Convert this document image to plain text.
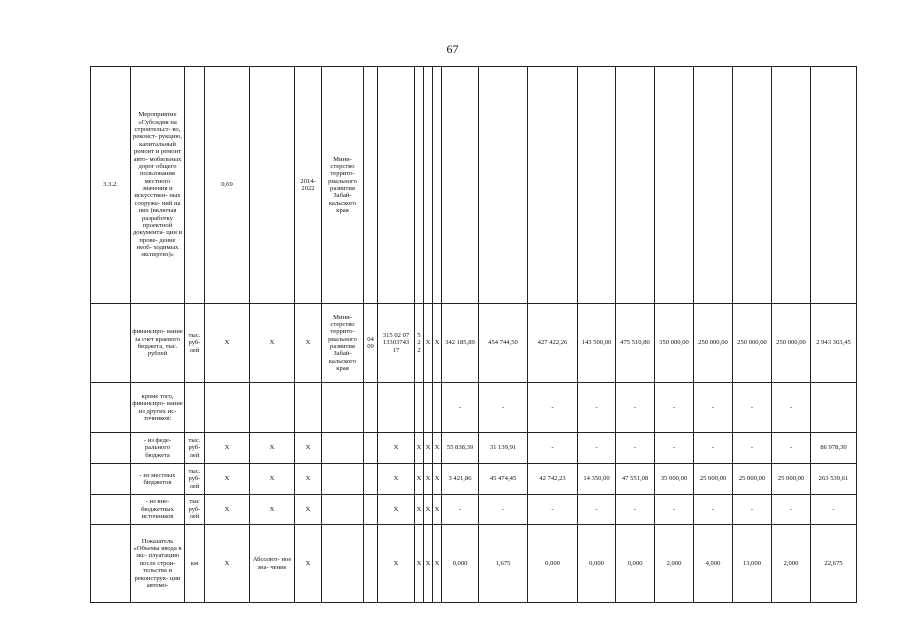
67
3.3.2.	Мероприятие «Субсидия на строительст- во, реконст- рукцию, капитальный ремонт и ремонт авто- мобильных дорог общего пользования местного значения и искусствен- ных сооруже- ний на них (включая разработку проектной документа- ции и прове- дение необ- ходимых экспертиз)»		0,69		2014- 2022	Мини- стерство террито- риального развития Забай- кальского края															
	финансиро- вание за счет краевого бюджета, тыс. рублей	тыс. руб- лей	X	X	X	Мини- стерство террито- риального развития Забай- кальского края	04 09	315 02 07 13303743 17	5 2 2	X	X	342 185,89	454 744,50	427 422,26	143 500,00	475 510,80	350 000,00	250 000,00	250 000,00	250 000,00	2 943 363,45
	кроме того, финансиро- вание из других ис- точников:											-	-	-	-	-	-	-	-	-	
	- из феде- рального бюджета	тыс. руб- лей	X	X	X			X	X	X	X	55 838,39	31 139,91	-	-	-	-	-	-	-	86 978,30
	- из местных бюджетов	тыс. руб- лей	X	X	X			X	X	X	X	3 421,86	45 474,45	42 742,23	14 350,00	47 551,08	35 000,00	25 000,00	25 000,00	25 000,00	263 539,61
	- из вне- бюджетных источников	тыс руб- лей	X	X	X			X	X	X	X	-	-	-	-	-	-	-	-	-	-
	Показатель «Объемы ввода в экс- плуатацию после строи- тельства и реконструк- ции автомо-	км	X	Абсолют- ное зна- чение	X			X	X	X	X	0,000	1,675	0,000	0,000	0,000	2,000	4,000	13,000	2,000	22,675
